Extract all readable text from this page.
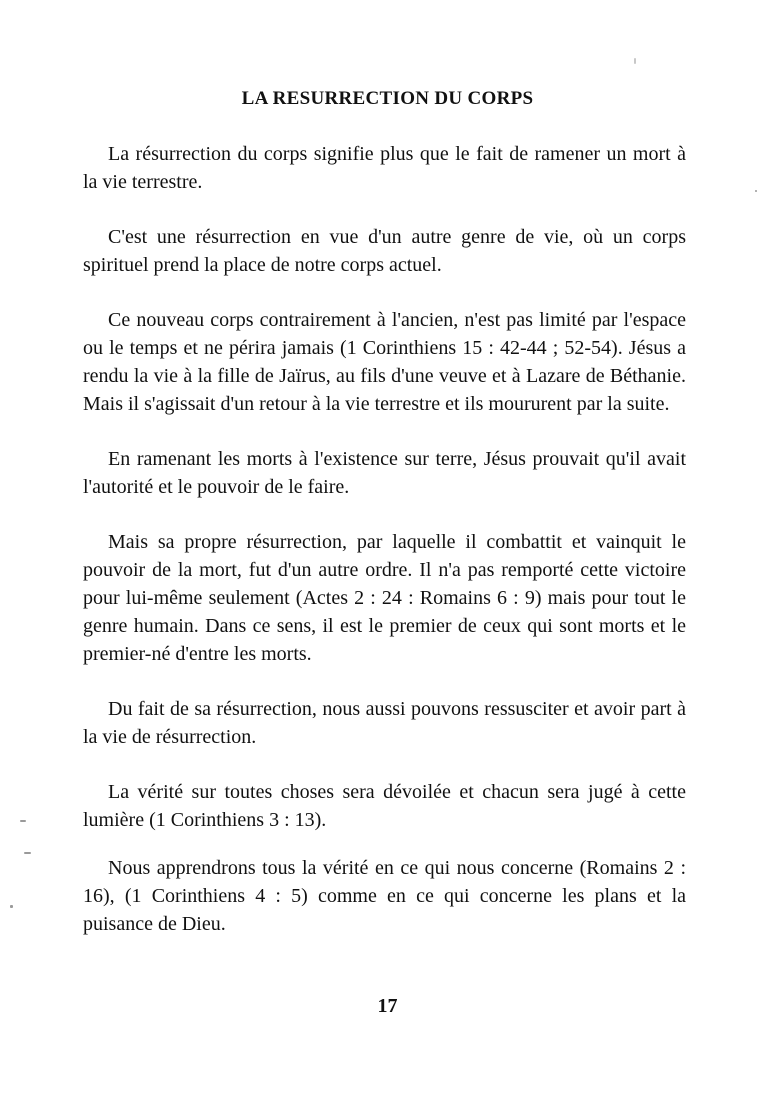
LA RESURRECTION DU CORPS

La résurrection du corps signifie plus que le fait de ramener un mort à la vie terrestre.

C'est une résurrection en vue d'un autre genre de vie, où un corps spirituel prend la place de notre corps actuel.

Ce nouveau corps contrairement à l'ancien, n'est pas limité par l'espace ou le temps et ne périra jamais (1 Corinthiens 15 : 42-44 ; 52-54). Jésus a rendu la vie à la fille de Jaïrus, au fils d'une veuve et à Lazare de Béthanie. Mais il s'agissait d'un retour à la vie terrestre et ils moururent par la suite.

En ramenant les morts à l'existence sur terre, Jésus prouvait qu'il avait l'autorité et le pouvoir de le faire.

Mais sa propre résurrection, par laquelle il combattit et vainquit le pouvoir de la mort, fut d'un autre ordre. Il n'a pas remporté cette victoire pour lui-même seulement (Actes 2 : 24 : Romains 6 : 9) mais pour tout le genre humain. Dans ce sens, il est le premier de ceux qui sont morts et le premier-né d'entre les morts.

Du fait de sa résurrection, nous aussi pouvons ressusciter et avoir part à la vie de résurrection.

La vérité sur toutes choses sera dévoilée et chacun sera jugé à cette lumière (1 Corinthiens 3 : 13).

Nous apprendrons tous la vérité en ce qui nous concerne (Romains 2 : 16), (1 Corinthiens 4 : 5) comme en ce qui concerne les plans et la puisance de Dieu.

17
